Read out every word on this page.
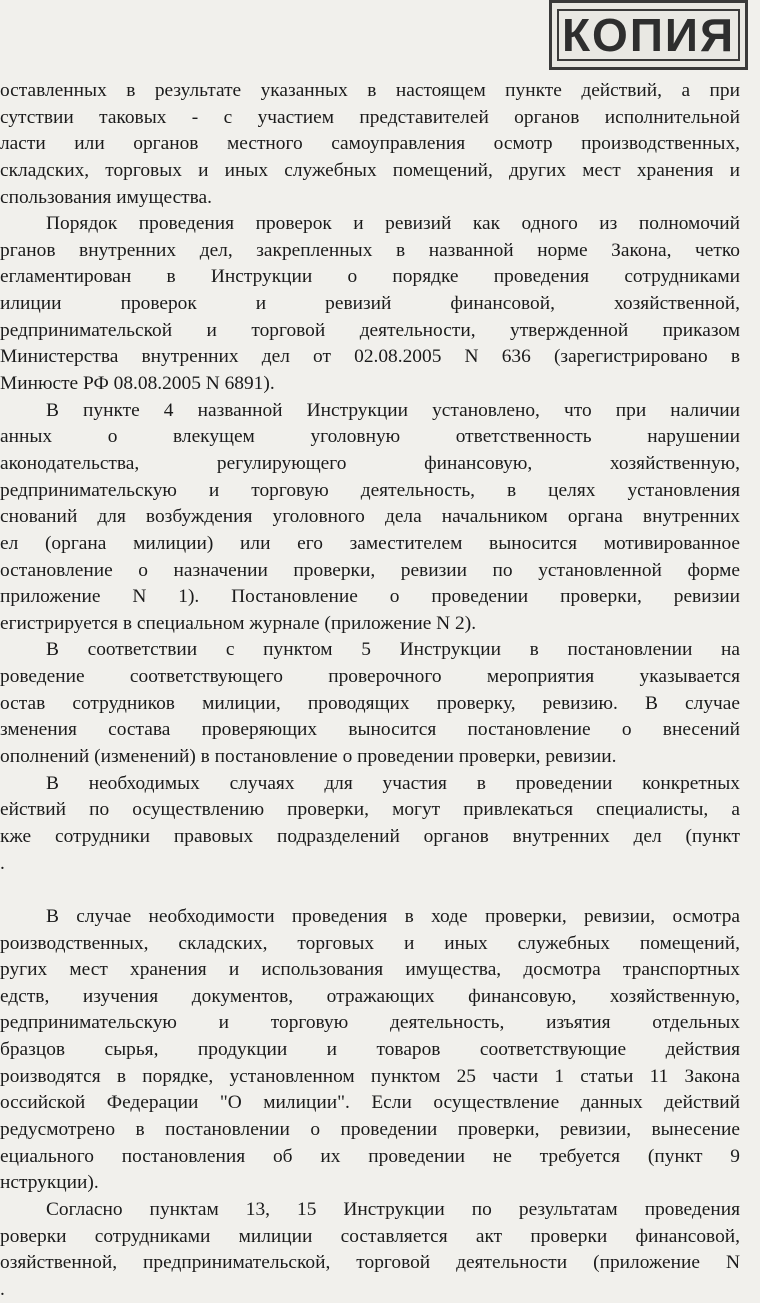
КОПИЯ
оставленных в результате указанных в настоящем пункте действий, а при
сутствии таковых - с участием представителей органов исполнительной
ласти или органов местного самоуправления осмотр производственных,
складских, торговых и иных служебных помещений, других мест хранения и
спользования имущества.
Порядок проведения проверок и ревизий как одного из полномочий
рганов внутренних дел, закрепленных в названной норме Закона, четко
егламентирован в Инструкции о порядке проведения сотрудниками
илиции проверок и ревизий финансовой, хозяйственной,
редпринимательской и торговой деятельности, утвержденной приказом
Министерства внутренних дел от 02.08.2005 N 636 (зарегистрировано в
Минюсте РФ 08.08.2005 N 6891).
В пункте 4 названной Инструкции установлено, что при наличии
анных о влекущем уголовную ответственность нарушении
аконодательства, регулирующего финансовую, хозяйственную,
редпринимательскую и торговую деятельность, в целях установления
снований для возбуждения уголовного дела начальником органа внутренних
ел (органа милиции) или его заместителем выносится мотивированное
остановление о назначении проверки, ревизии по установленной форме
приложение N 1). Постановление о проведении проверки, ревизии
егистрируется в специальном журнале (приложение N 2).
В соответствии с пунктом 5 Инструкции в постановлении на
роведение соответствующего проверочного мероприятия указывается
остав сотрудников милиции, проводящих проверку, ревизию. В случае
зменения состава проверяющих выносится постановление о внесений
ополнений (изменений) в постановление о проведении проверки, ревизии.
В необходимых случаях для участия в проведении конкретных
ействий по осуществлению проверки, могут привлекаться специалисты, а
кже сотрудники правовых подразделений органов внутренних дел (пункт
.
В случае необходимости проведения в ходе проверки, ревизии, осмотра
роизводственных, складских, торговых и иных служебных помещений,
ругих мест хранения и использования имущества, досмотра транспортных
едств, изучения документов, отражающих финансовую, хозяйственную,
редпринимательскую и торговую деятельность, изъятия отдельных
бразцов сырья, продукции и товаров соответствующие действия
роизводятся в порядке, установленном пунктом 25 части 1 статьи 11 Закона
оссийской Федерации "О милиции". Если осуществление данных действий
редусмотрено в постановлении о проведении проверки, ревизии, вынесение
ециального постановления об их проведении не требуется (пункт 9
нструкции).
Согласно пунктам 13, 15 Инструкции по результатам проведения
роверки сотрудниками милиции составляется акт проверки финансовой,
озяйственной, предпринимательской, торговой деятельности (приложение N
.
